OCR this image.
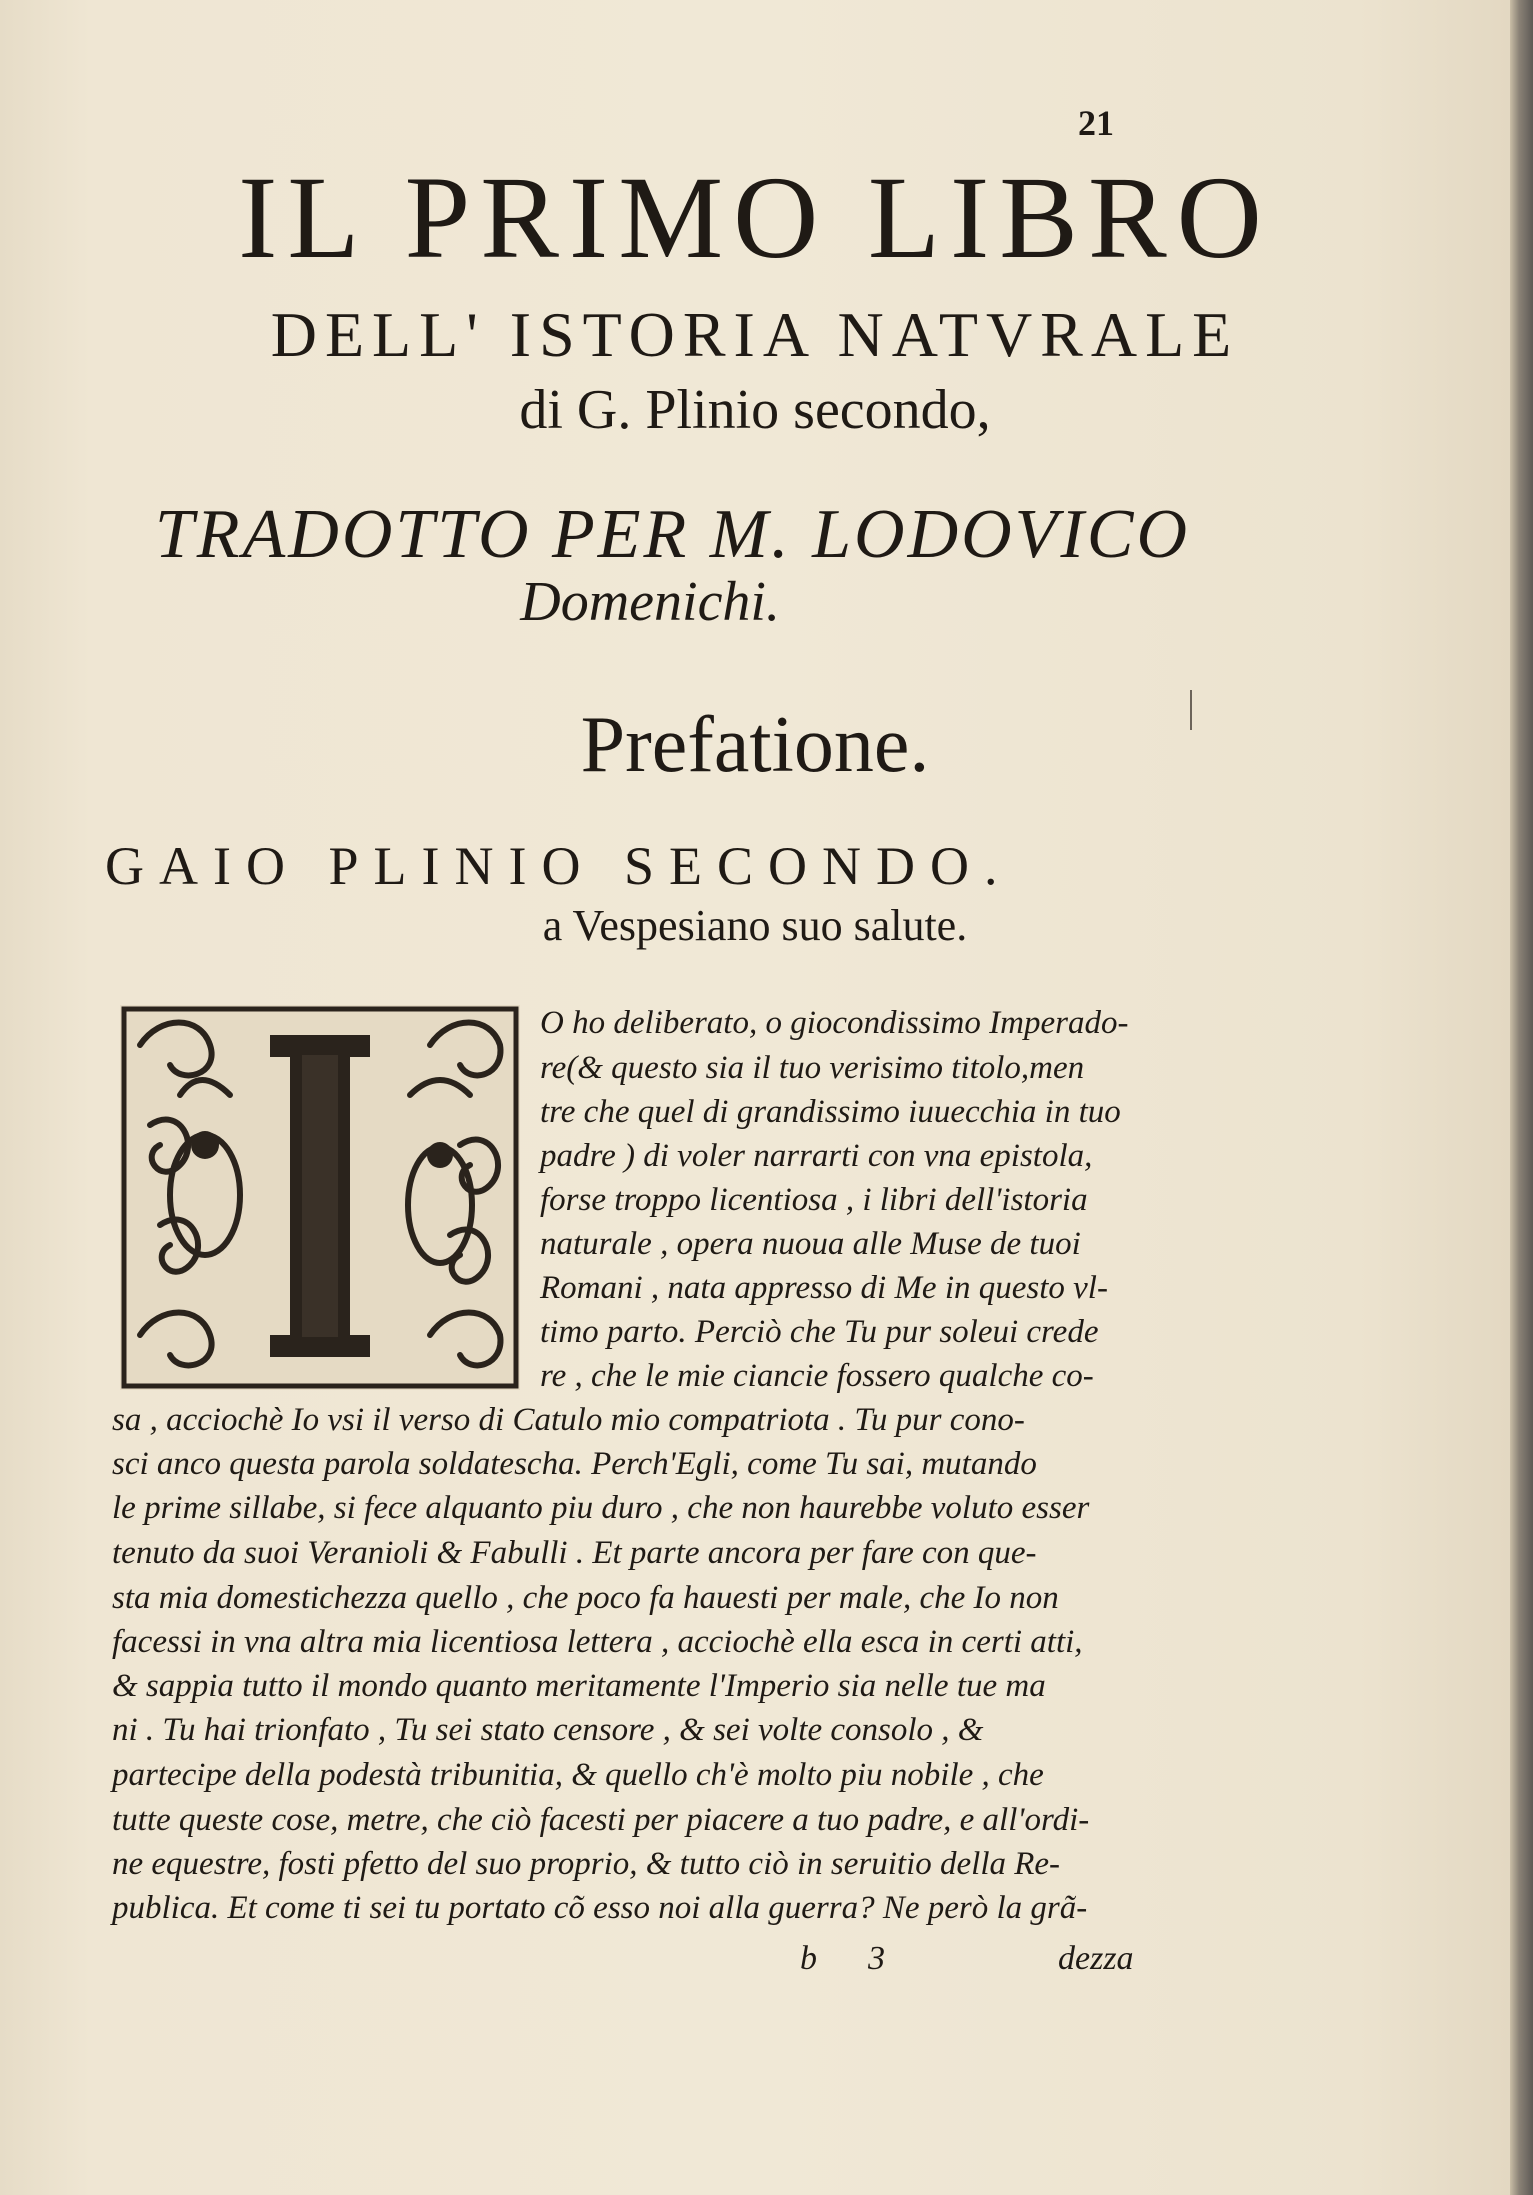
21
IL PRIMO LIBRO
DELL' ISTORIA NATVRALE
di G. Plinio secondo,
TRADOTTO PER M. LODOVICO
Domenichi.
Prefatione.
GAIO PLINIO SECONDO.
a Vespesiano suo salute.
O ho deliberato, o giocondissimo Imperado-
re(& questo sia il tuo verisimo titolo,men
tre che quel di grandissimo iuuecchia in tuo
padre ) di voler narrarti con vna epistola,
forse troppo licentiosa , i libri dell'istoria
naturale , opera nuoua alle Muse de tuoi
Romani , nata appresso di Me in questo vl-
timo parto. Perciò che Tu pur soleui crede
re , che le mie ciancie fossero qualche co-
sa , acciochè Io vsi il verso di Catulo mio compatriota . Tu pur cono-
sci anco questa parola soldatescha. Perch'Egli, come Tu sai, mutando
le prime sillabe, si fece alquanto piu duro , che non haurebbe voluto esser
tenuto da suoi Veranioli & Fabulli . Et parte ancora per fare con que-
sta mia domestichezza quello , che poco fa hauesti per male, che Io non
facessi in vna altra mia licentiosa lettera , acciochè ella esca in certi atti,
& sappia tutto il mondo quanto meritamente l'Imperio sia nelle tue ma
ni . Tu hai trionfato , Tu sei stato censore , & sei volte consolo , &
partecipe della podestà tribunitia, & quello ch'è molto piu nobile , che
tutte queste cose, metre, che ciò facesti per piacere a tuo padre, e all'ordi-
ne equestre, fosti pfetto del suo proprio, & tutto ciò in seruitio della Re-
publica. Et come ti sei tu portato cõ esso noi alla guerra? Ne però la grã-
b 3	dezza
